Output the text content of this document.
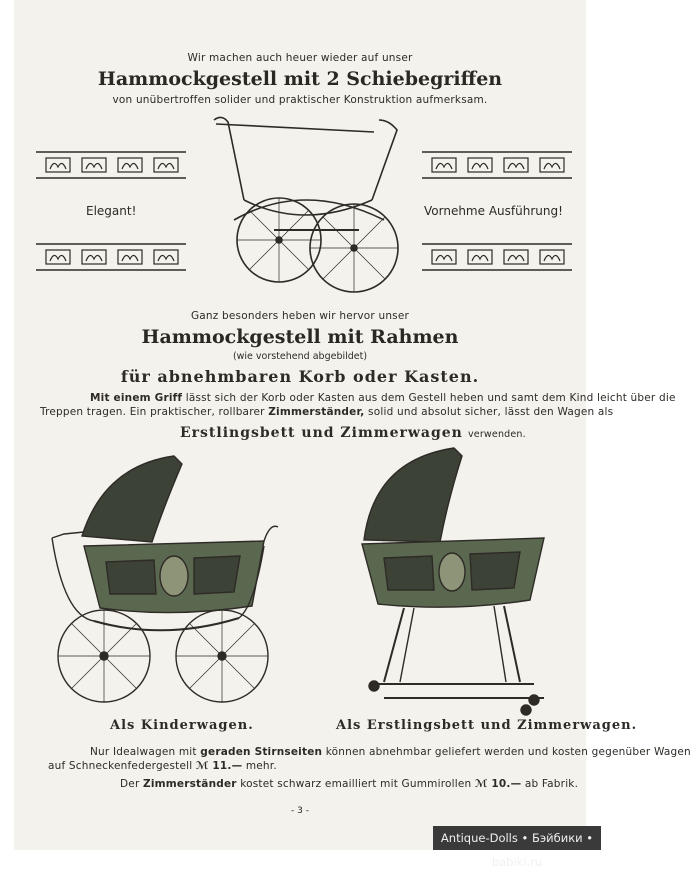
Wir machen auch heuer wieder auf unser
Hammockgestell mit 2 Schiebegriffen
von unübertroffen solider und praktischer Konstruktion aufmerksam.
Elegant!	Vornehme Ausführung!
Ganz besonders heben wir hervor unser
Hammockgestell mit Rahmen
(wie vorstehend abgebildet)
für abnehmbaren Korb oder Kasten.
Mit einem Griff lässt sich der Korb oder Kasten aus dem Gestell heben und samt dem Kind leicht über die
Treppen tragen. Ein praktischer, rollbarer Zimmerständer, solid und absolut sicher, lässt den Wagen als
Erstlingsbett und Zimmerwagen verwenden.
Als Kinderwagen.	Als Erstlingsbett und Zimmerwagen.
Nur Idealwagen mit geraden Stirnseiten können abnehmbar geliefert werden und kosten gegenüber Wagen
auf Schneckenfedergestell ℳ 11.— mehr.
Der Zimmerständer kostet schwarz emailliert mit Gummirollen ℳ 10.— ab Fabrik.
- 3 -
Antique-Dolls • Бэйбики • babiki.ru
